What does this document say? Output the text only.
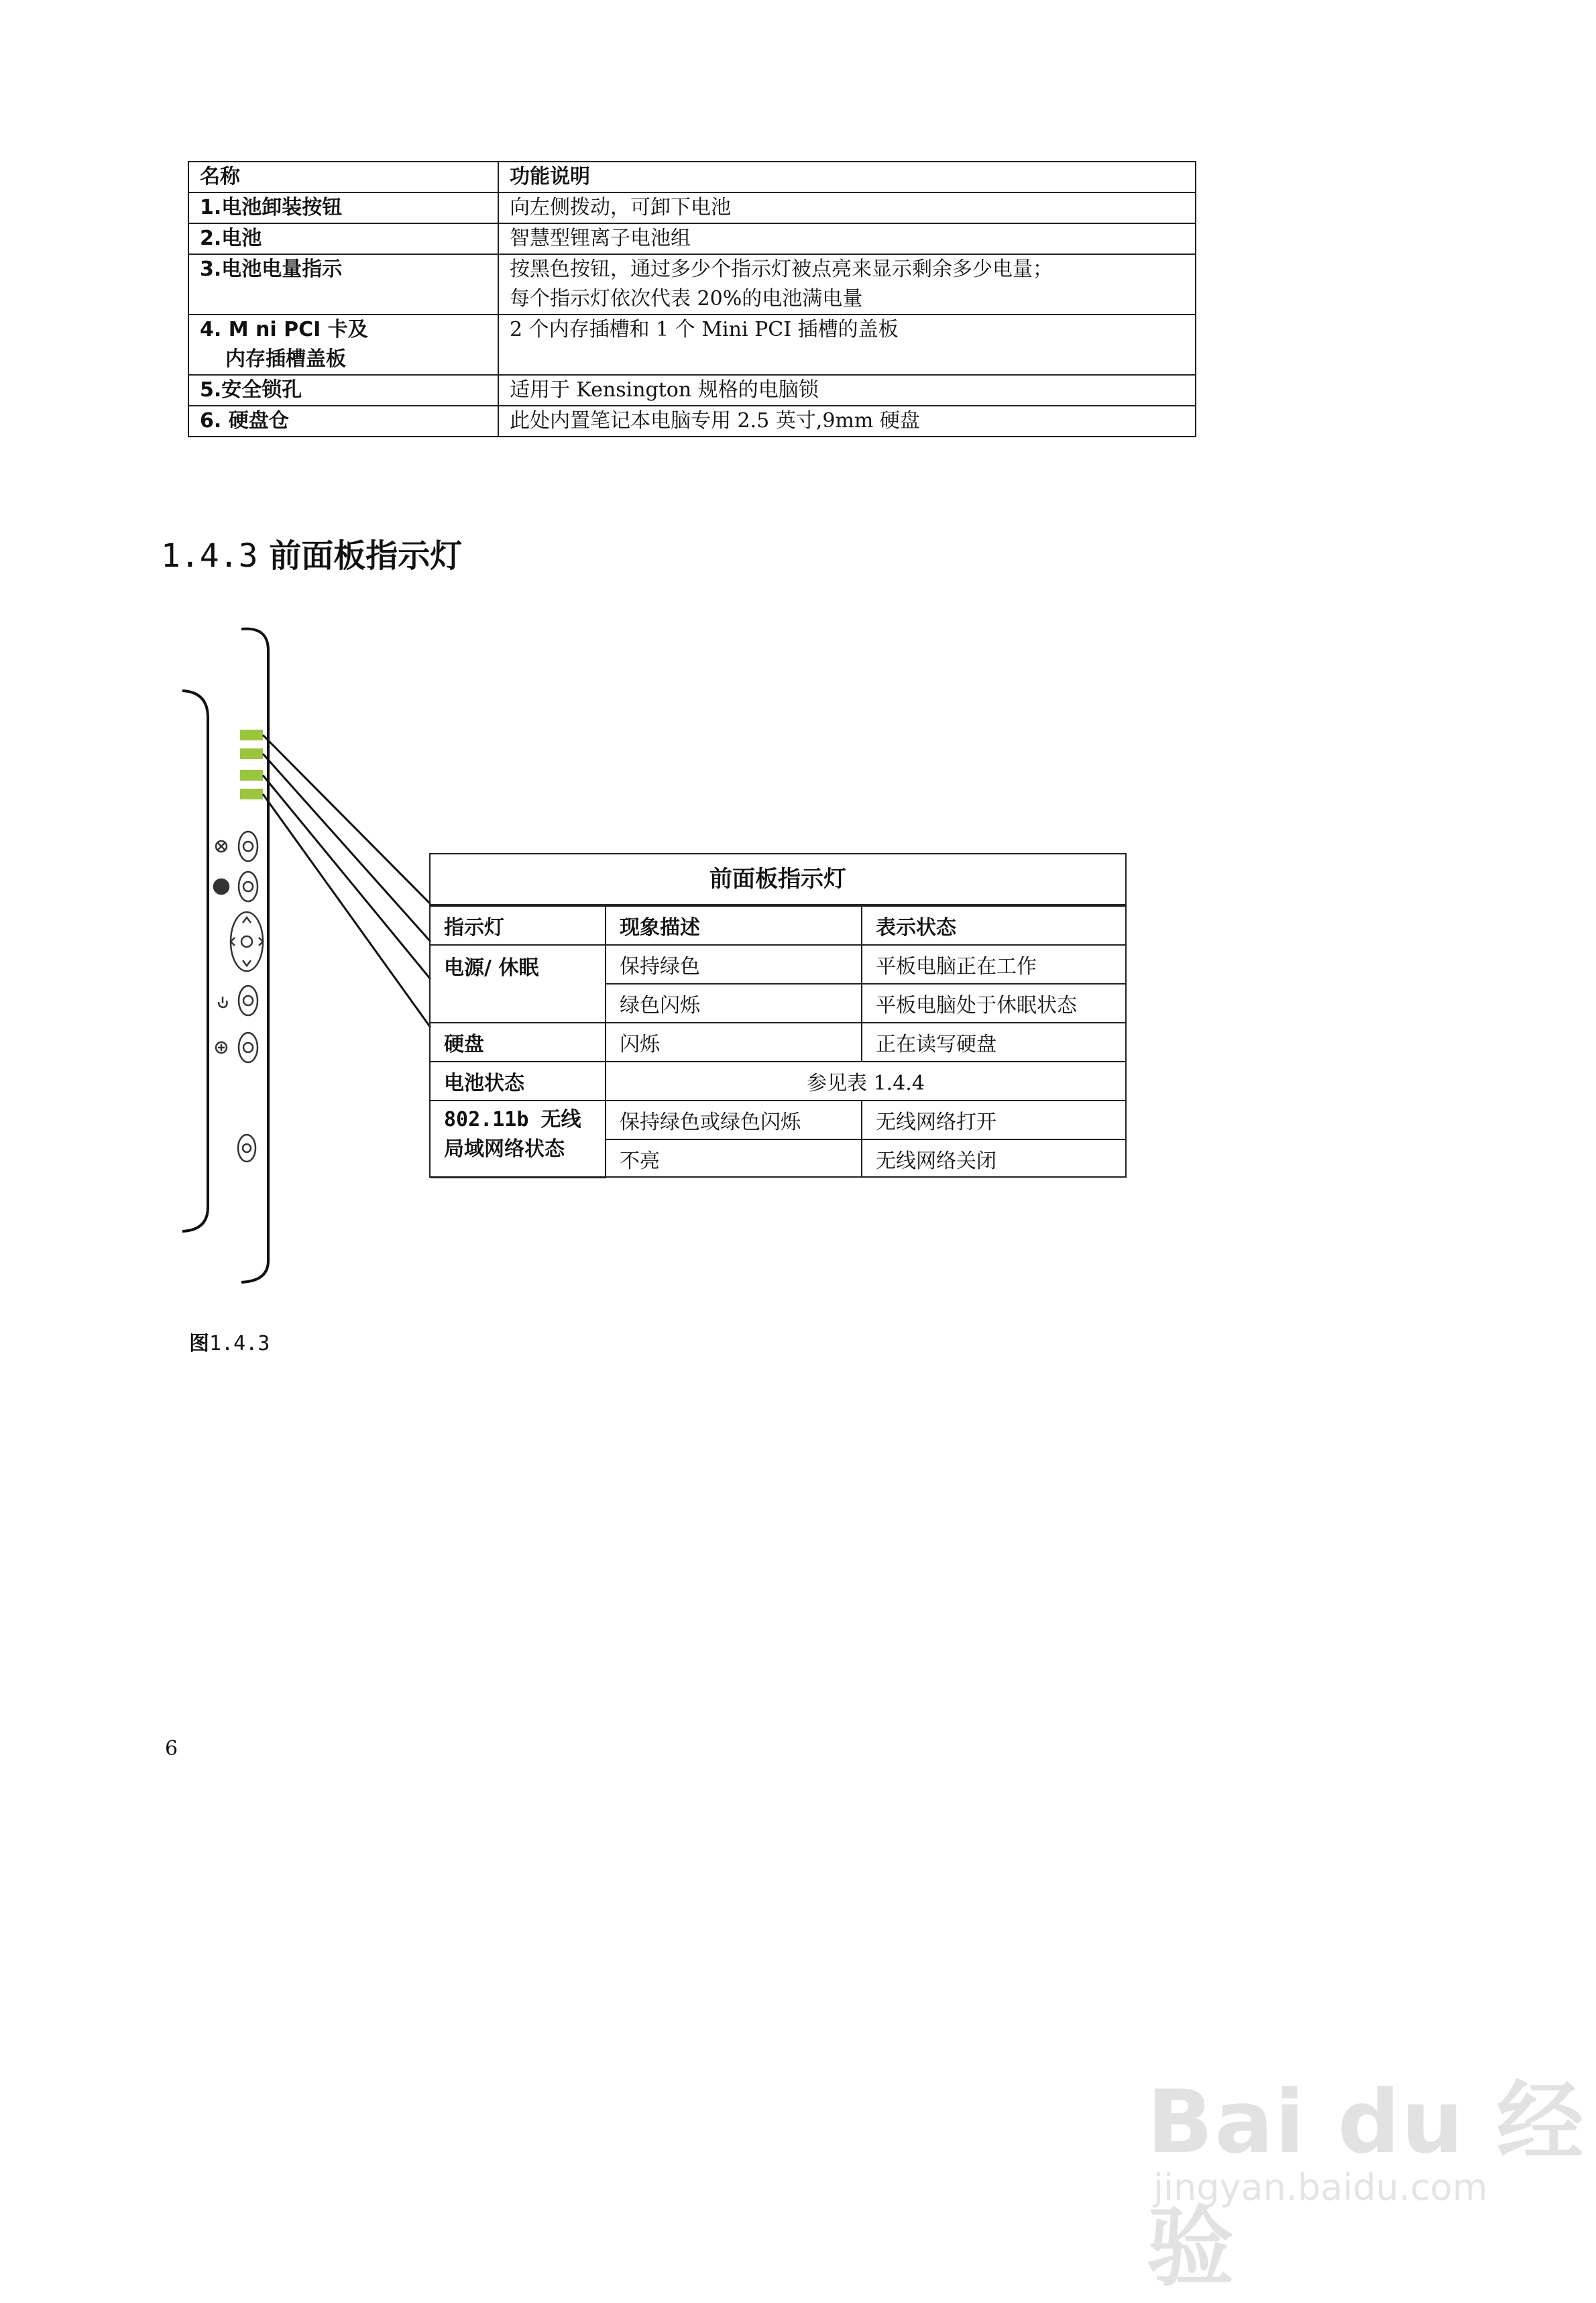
名称	功能说明
1.电池卸装按钮	向左侧拨动，可卸下电池
2.电池	智慧型锂离子电池组
3.电池电量指示	按黑色按钮，通过多少个指示灯被点亮来显示剩余多少电量；
每个指示灯依次代表 20%的电池满电量

4. M ni PCI 卡及
内存插槽盖板	2 个内存插槽和 1 个 Mini PCI 插槽的盖板
5.安全锁孔	适用于 Kensington 规格的电脑锁
6. 硬盘仓	此处内置笔记本电脑专用 2.5 英寸,9mm 硬盘
1.4.3 前面板指示灯
前面板指示灯
指示灯	现象描述	表示状态
电源/ 休眠	保持绿色	平板电脑正在工作
	绿色闪烁	平板电脑处于休眠状态
硬盘	闪烁	正在读写硬盘
电池状态	参见表 1.4.4	

802.11b 无线
局域网络状态	保持绿色或绿色闪烁	无线网络打开
	不亮	无线网络关闭
图1.4.3
6
Bai du 经验
jingyan.baidu.com
